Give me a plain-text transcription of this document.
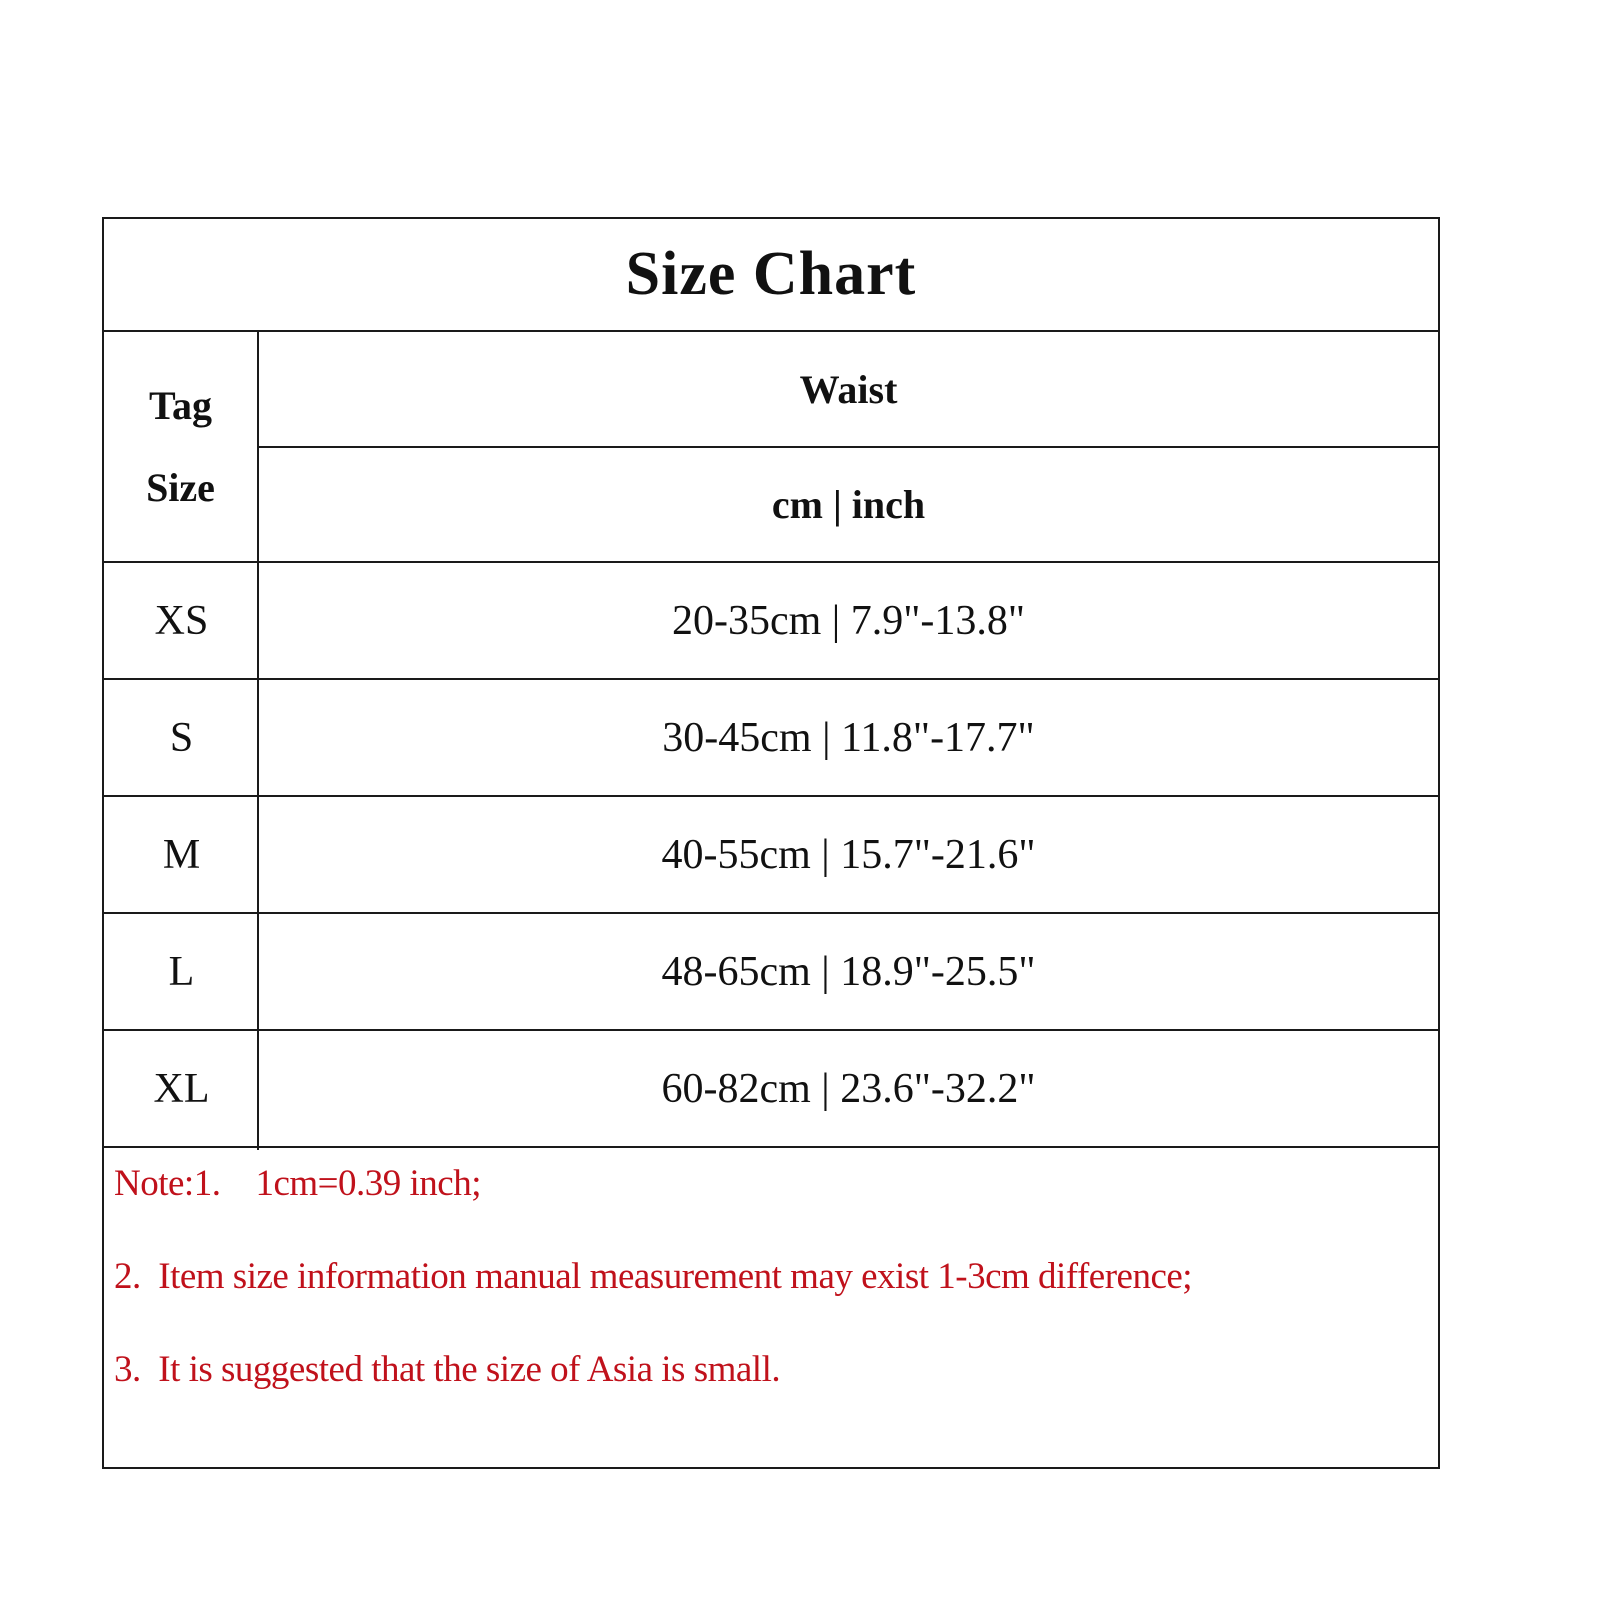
Size Chart
Tag
Size
Waist
cm | inch
XS	20-35cm | 7.9"-13.8"
S	30-45cm | 11.8"-17.7"
M	40-55cm | 15.7"-21.6"
L	48-65cm | 18.9"-25.5"
XL	60-82cm | 23.6"-32.2"
Note:1.    1cm=0.39 inch;
2.  Item size information manual measurement may exist 1-3cm difference;
3.  It is suggested that the size of Asia is small.
